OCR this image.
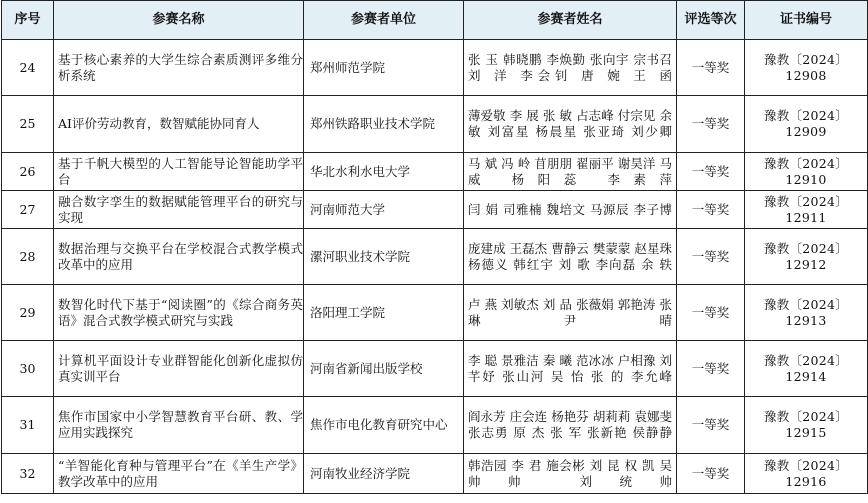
序号	参赛名称	参赛者单位	参赛者姓名	评选等次	证书编号
24	基于核心素养的大学生综合素质测评多维分析系统	郑州师范学院	张 玉 韩晓鹏 李焕勤 张向宇 宗书召 刘 洋 李会钊 唐 婉 王 函	一等奖	豫教〔2024〕12908
25	AI评价劳动教育，数智赋能协同育人	郑州铁路职业技术学院	薄爱敬 李 展 张 敏 占志峰 付宗见 余 敏 刘富星 杨晨星 张亚琦 刘少卿	一等奖	豫教〔2024〕12909
26	基于千帆大模型的人工智能导论智能助学平台	华北水利水电大学	马 斌 冯 岭 苜朋朋 翟丽平 谢昊洋 马 威 杨阳蕊 李素萍	一等奖	豫教〔2024〕12910
27	融合数字孪生的数据赋能管理平台的研究与实现	河南师范大学	闫 娟 司雅楠 魏培文 马源辰 李子博	一等奖	豫教〔2024〕12911
28	数据治理与交换平台在学校混合式教学模式改革中的应用	漯河职业技术学院	庞建成 王磊杰 曹静云 樊蒙蒙 赵星珠 杨德义 韩红宇 刘 歌 李向磊 余 轶	一等奖	豫教〔2024〕12912
29	数智化时代下基于“阅读圈”的《综合商务英语》混合式教学模式研究与实践	洛阳理工学院	卢 燕 刘敏杰 刘 品 张薇娟 郭艳涛 张 琳 尹 晴	一等奖	豫教〔2024〕12913
30	计算机平面设计专业群智能化创新化虚拟仿真实训平台	河南省新闻出版学校	李 聪 景雅洁 秦 曦 范冰冰 户相豫 刘芊妤 张山河 吴 怡 张 的 李允峰	一等奖	豫教〔2024〕12914
31	焦作市国家中小学智慧教育平台研、教、学应用实践探究	焦作市电化教育研究中心	阎永芳 庄会连 杨艳芬 胡莉莉 袁娜斐 张志勇 原 杰 张 军 张新艳 侯静静	一等奖	豫教〔2024〕12915
32	“羊智能化育种与管理平台”在《羊生产学》教学改革中的应用	河南牧业经济学院	韩浩园 李 君 施会彬 刘 昆 权 凯 吴帅帅 刘统帅	一等奖	豫教〔2024〕12916
